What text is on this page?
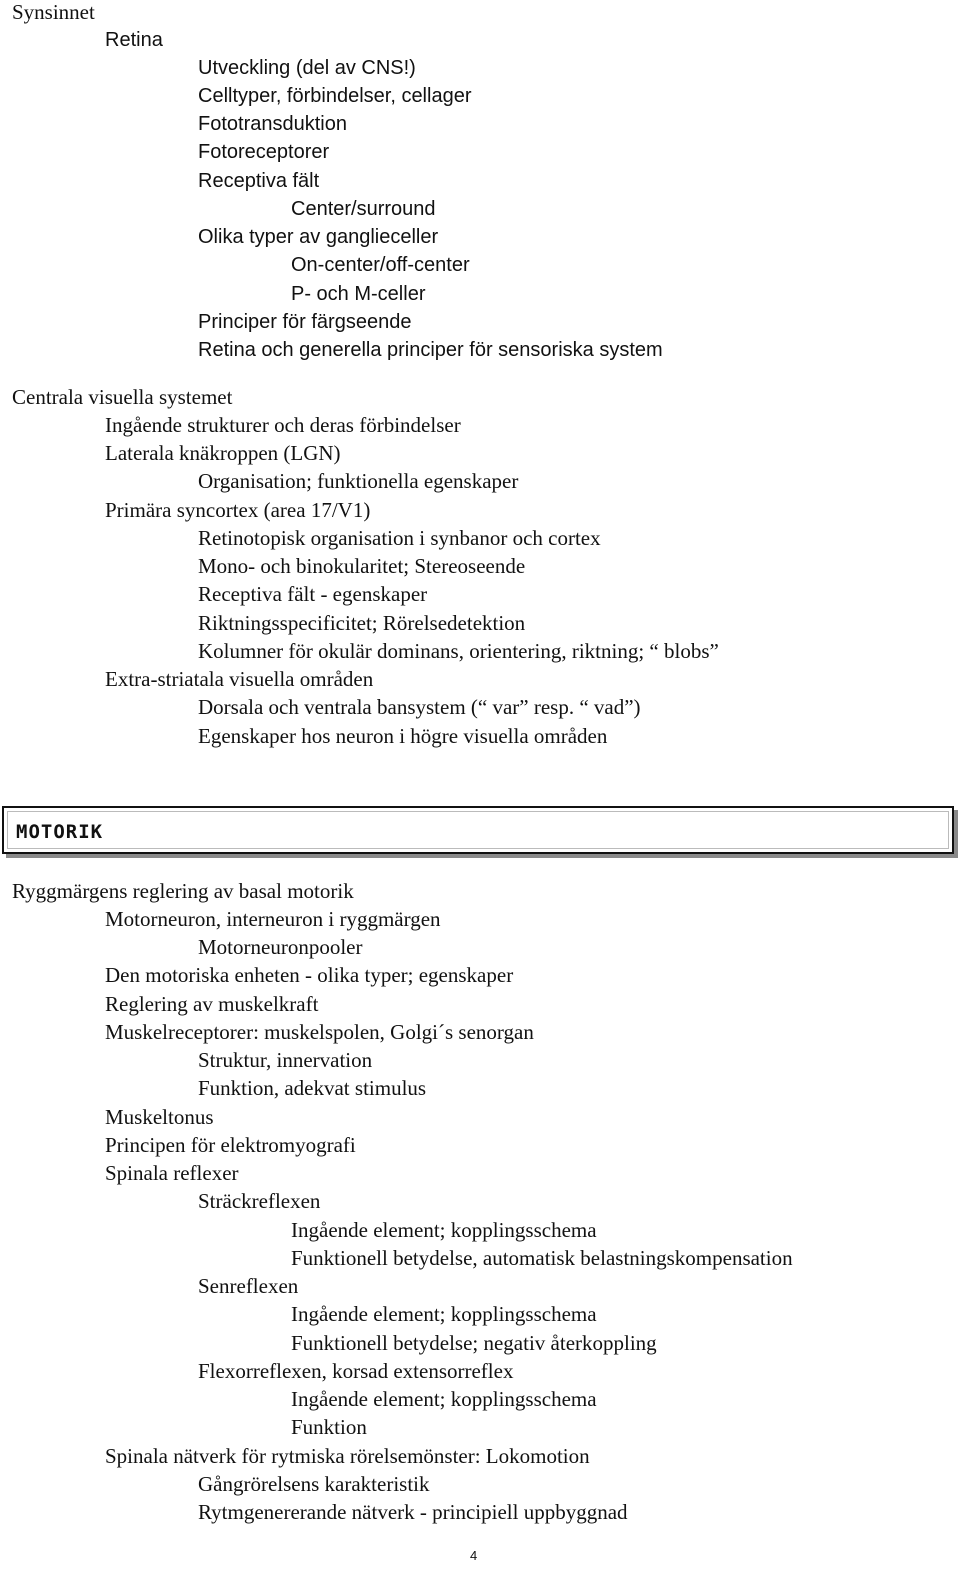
Synsinnet
Retina
Utveckling (del av CNS!)
Celltyper, förbindelser, cellager
Fototransduktion
Fotoreceptorer
Receptiva fält
Center/surround
Olika typer av ganglieceller
On-center/off-center
P- och M-celler
Principer för färgseende
Retina och generella principer för sensoriska system
Centrala visuella systemet
Ingående strukturer och deras förbindelser
Laterala knäkroppen (LGN)
Organisation; funktionella egenskaper
Primära syncortex (area 17/V1)
Retinotopisk organisation i synbanor och cortex
Mono- och binokularitet; Stereoseende
Receptiva fält - egenskaper
Riktningsspecificitet; Rörelsedetektion
Kolumner för okulär dominans, orientering, riktning; “ blobs”
Extra-striatala visuella områden
Dorsala och ventrala bansystem (“ var” resp. “ vad”)
Egenskaper hos neuron i högre visuella områden
MOTORIK
Ryggmärgens reglering av basal motorik
Motorneuron, interneuron i ryggmärgen
Motorneuronpooler
Den motoriska enheten - olika typer; egenskaper
Reglering av muskelkraft
Muskelreceptorer: muskelspolen, Golgi´s senorgan
Struktur, innervation
Funktion, adekvat stimulus
Muskeltonus
Principen för elektromyografi
Spinala reflexer
Sträckreflexen
Ingående element; kopplingsschema
Funktionell betydelse, automatisk belastningskompensation
Senreflexen
Ingående element; kopplingsschema
Funktionell betydelse; negativ återkoppling
Flexorreflexen, korsad extensorreflex
Ingående element; kopplingsschema
Funktion
Spinala nätverk för rytmiska rörelsemönster: Lokomotion
Gångrörelsens karakteristik
Rytmgenererande nätverk - principiell uppbyggnad
4
